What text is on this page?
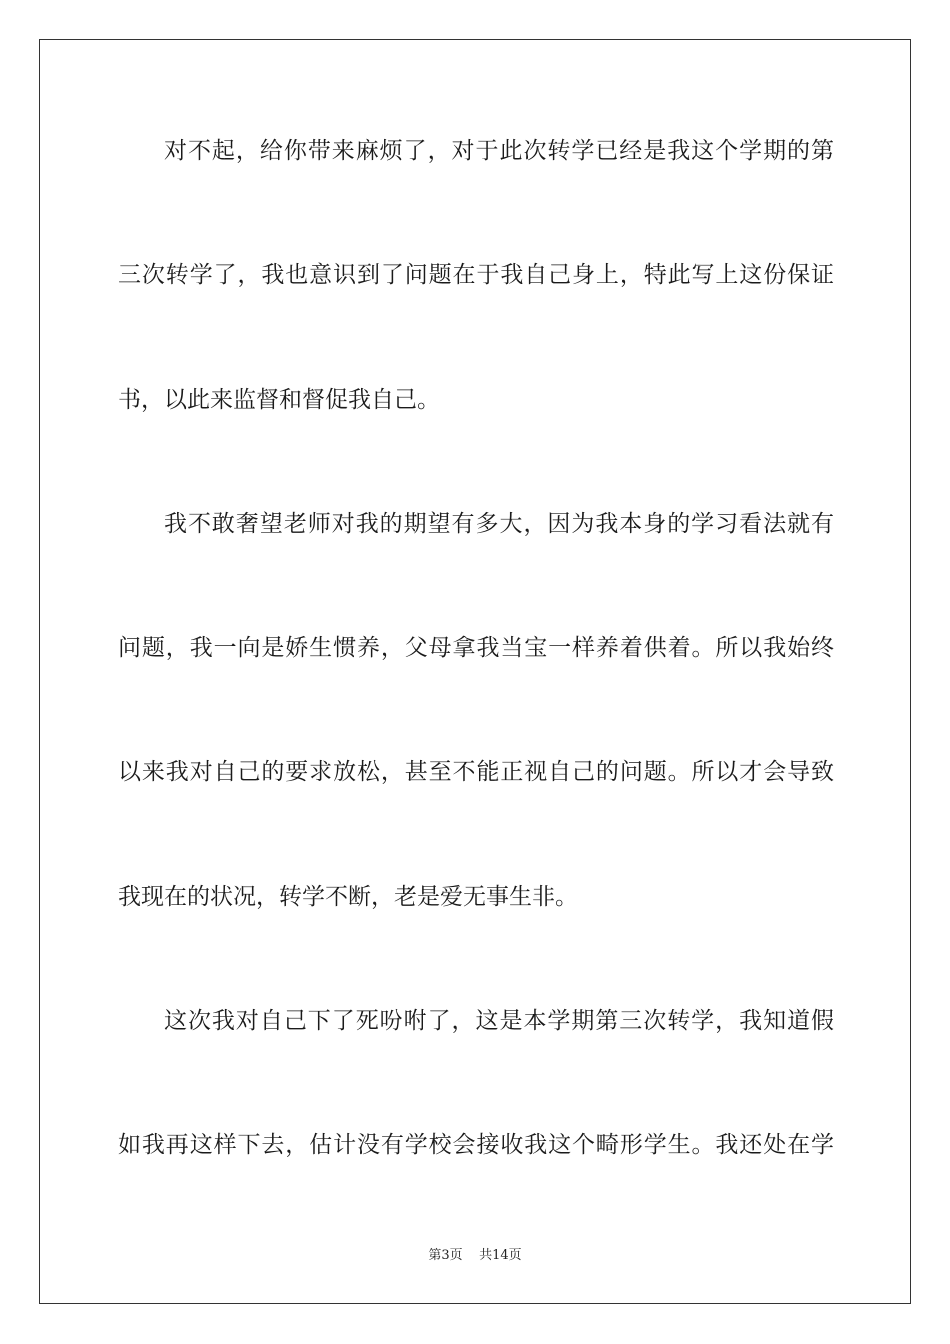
对不起，给你带来麻烦了，对于此次转学已经是我这个学期的第
三次转学了，我也意识到了问题在于我自己身上，特此写上这份保证
书，以此来监督和督促我自己。
我不敢奢望老师对我的期望有多大，因为我本身的学习看法就有
问题，我一向是娇生惯养，父母拿我当宝一样养着供着。所以我始终
以来我对自己的要求放松，甚至不能正视自己的问题。所以才会导致
我现在的状况，转学不断，老是爱无事生非。
这次我对自己下了死吩咐了，这是本学期第三次转学，我知道假
如我再这样下去，估计没有学校会接收我这个畸形学生。我还处在学
第3页 共14页
